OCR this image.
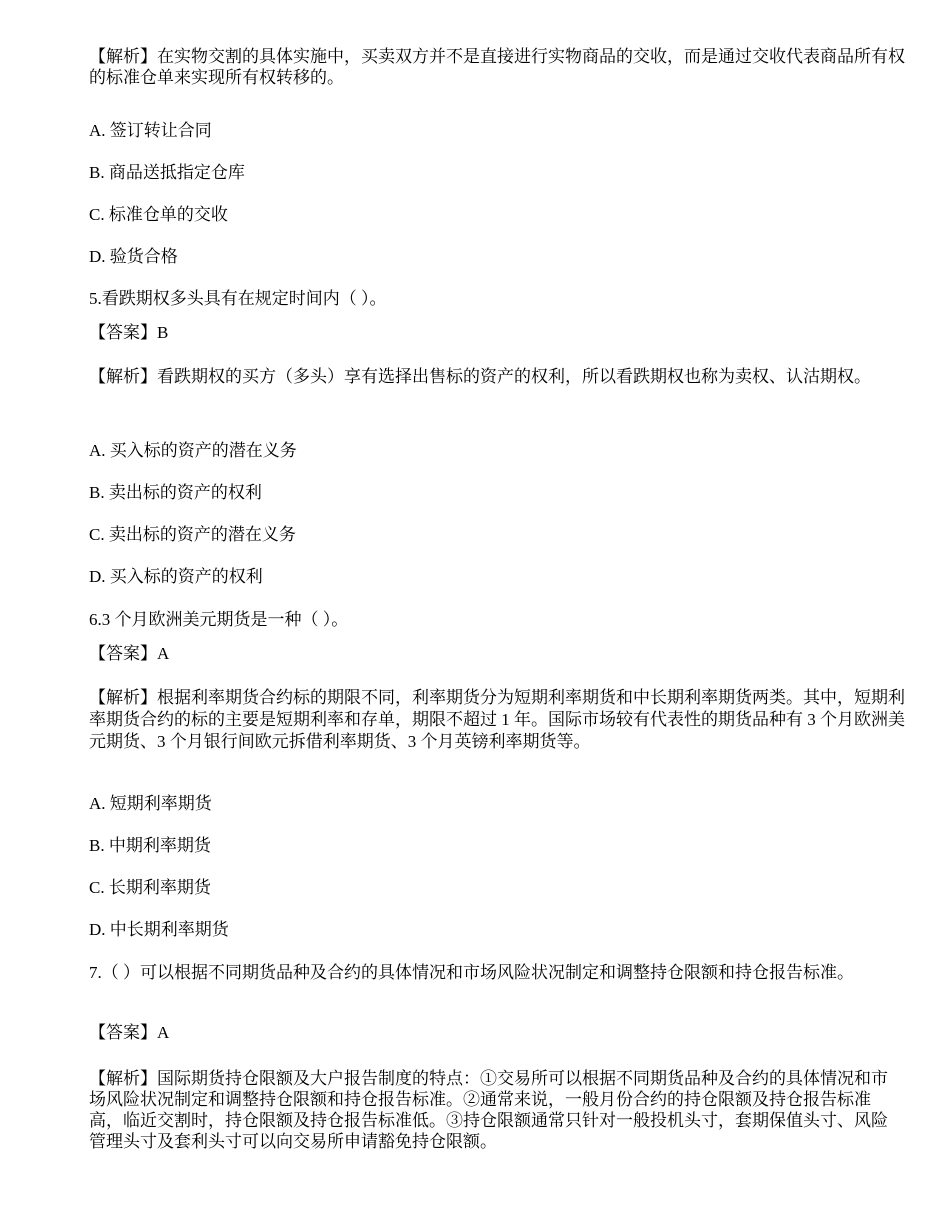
【解析】在实物交割的具体实施中，买卖双方并不是直接进行实物商品的交收，而是通过交收代表商品所有权的标准仓单来实现所有权转移的。

A. 签订转让合同

B. 商品送抵指定仓库

C. 标准仓单的交收

D. 验货合格

5.看跌期权多头具有在规定时间内（ ）。

【答案】B

【解析】看跌期权的买方（多头）享有选择出售标的资产的权利，所以看跌期权也称为卖权、认沽期权。

A. 买入标的资产的潜在义务

B. 卖出标的资产的权利

C. 卖出标的资产的潜在义务

D. 买入标的资产的权利

6.3 个月欧洲美元期货是一种（ ）。

【答案】A

【解析】根据利率期货合约标的期限不同，利率期货分为短期利率期货和中长期利率期货两类。其中，短期利率期货合约的标的主要是短期利率和存单，期限不超过 1 年。国际市场较有代表性的期货品种有 3 个月欧洲美元期货、3 个月银行间欧元拆借利率期货、3 个月英镑利率期货等。

A. 短期利率期货

B. 中期利率期货

C. 长期利率期货

D. 中长期利率期货

7.（ ）可以根据不同期货品种及合约的具体情况和市场风险状况制定和调整持仓限额和持仓报告标准。

【答案】A

【解析】国际期货持仓限额及大户报告制度的特点：①交易所可以根据不同期货品种及合约的具体情况和市场风险状况制定和调整持仓限额和持仓报告标准。②通常来说，一般月份合约的持仓限额及持仓报告标准高，临近交割时，持仓限额及持仓报告标准低。③持仓限额通常只针对一般投机头寸，套期保值头寸、风险管理头寸及套利头寸可以向交易所申请豁免持仓限额。
